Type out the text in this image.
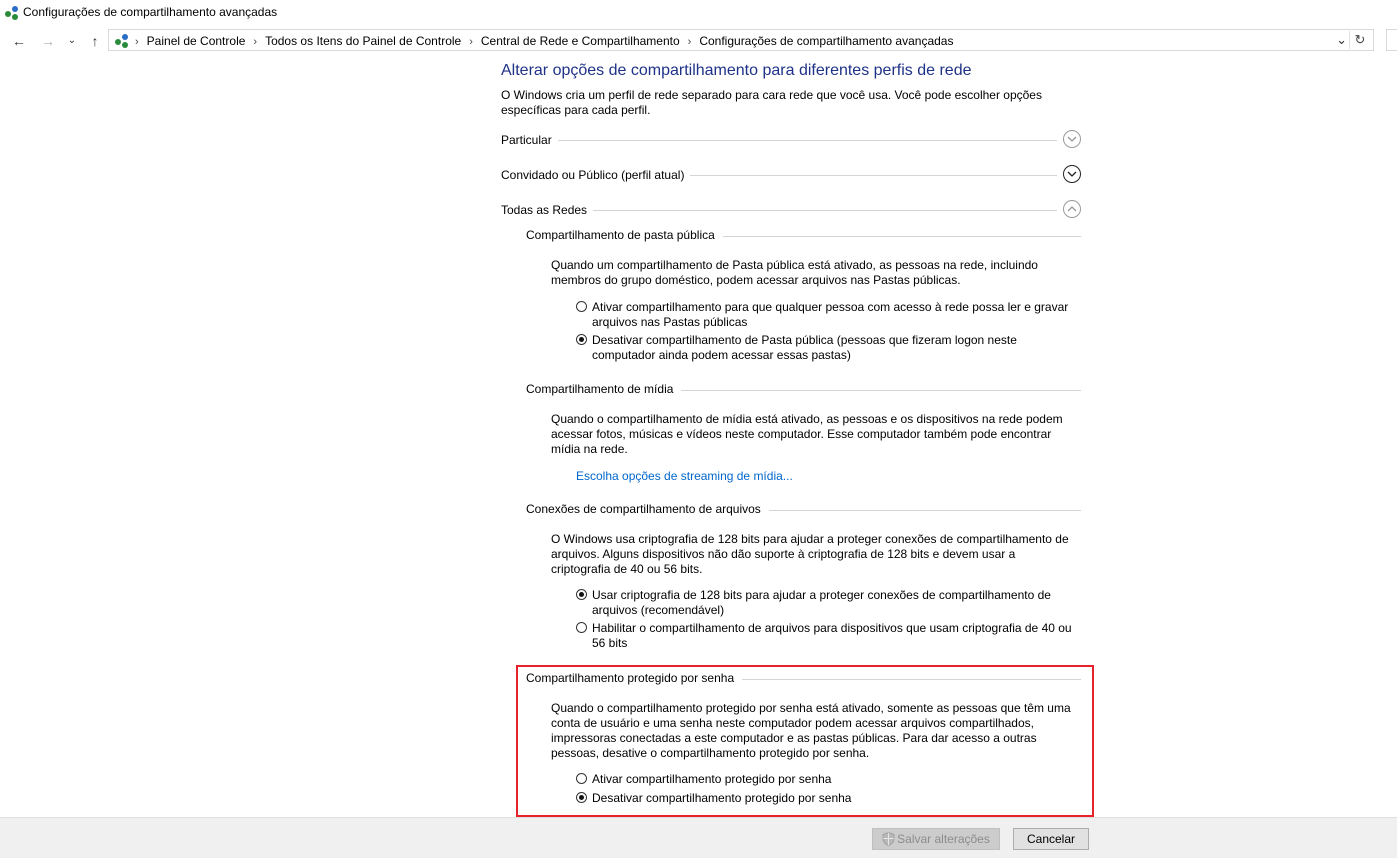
Configurações de compartilhamento avançadas
← →	⌄	↑	› Painel de Controle › Todos os Itens do Painel de Controle › Central de Rede e Compartilhamento › Configurações de compartilhamento avançadas	⌄ ↻
Alterar opções de compartilhamento para diferentes perfis de rede
O Windows cria um perfil de rede separado para cara rede que você usa. Você pode escolher opções específicas para cada perfil.
Particular
Convidado ou Público (perfil atual)
Todas as Redes
Compartilhamento de pasta pública
Quando um compartilhamento de Pasta pública está ativado, as pessoas na rede, incluindo membros do grupo doméstico, podem acessar arquivos nas Pastas públicas.
Ativar compartilhamento para que qualquer pessoa com acesso à rede possa ler e gravar arquivos nas Pastas públicas
Desativar compartilhamento de Pasta pública (pessoas que fizeram logon neste computador ainda podem acessar essas pastas)
Compartilhamento de mídia
Quando o compartilhamento de mídia está ativado, as pessoas e os dispositivos na rede podem acessar fotos, músicas e vídeos neste computador. Esse computador também pode encontrar mídia na rede.
Escolha opções de streaming de mídia...
Conexões de compartilhamento de arquivos
O Windows usa criptografia de 128 bits para ajudar a proteger conexões de compartilhamento de arquivos. Alguns dispositivos não dão suporte à criptografia de 128 bits e devem usar a criptografia de 40 ou 56 bits.
Usar criptografia de 128 bits para ajudar a proteger conexões de compartilhamento de arquivos (recomendável)
Habilitar o compartilhamento de arquivos para dispositivos que usam criptografia de 40 ou 56 bits
Compartilhamento protegido por senha
Quando o compartilhamento protegido por senha está ativado, somente as pessoas que têm uma conta de usuário e uma senha neste computador podem acessar arquivos compartilhados, impressoras conectadas a este computador e as pastas públicas. Para dar acesso a outras pessoas, desative o compartilhamento protegido por senha.
Ativar compartilhamento protegido por senha
Desativar compartilhamento protegido por senha
Salvar alterações	Cancelar
